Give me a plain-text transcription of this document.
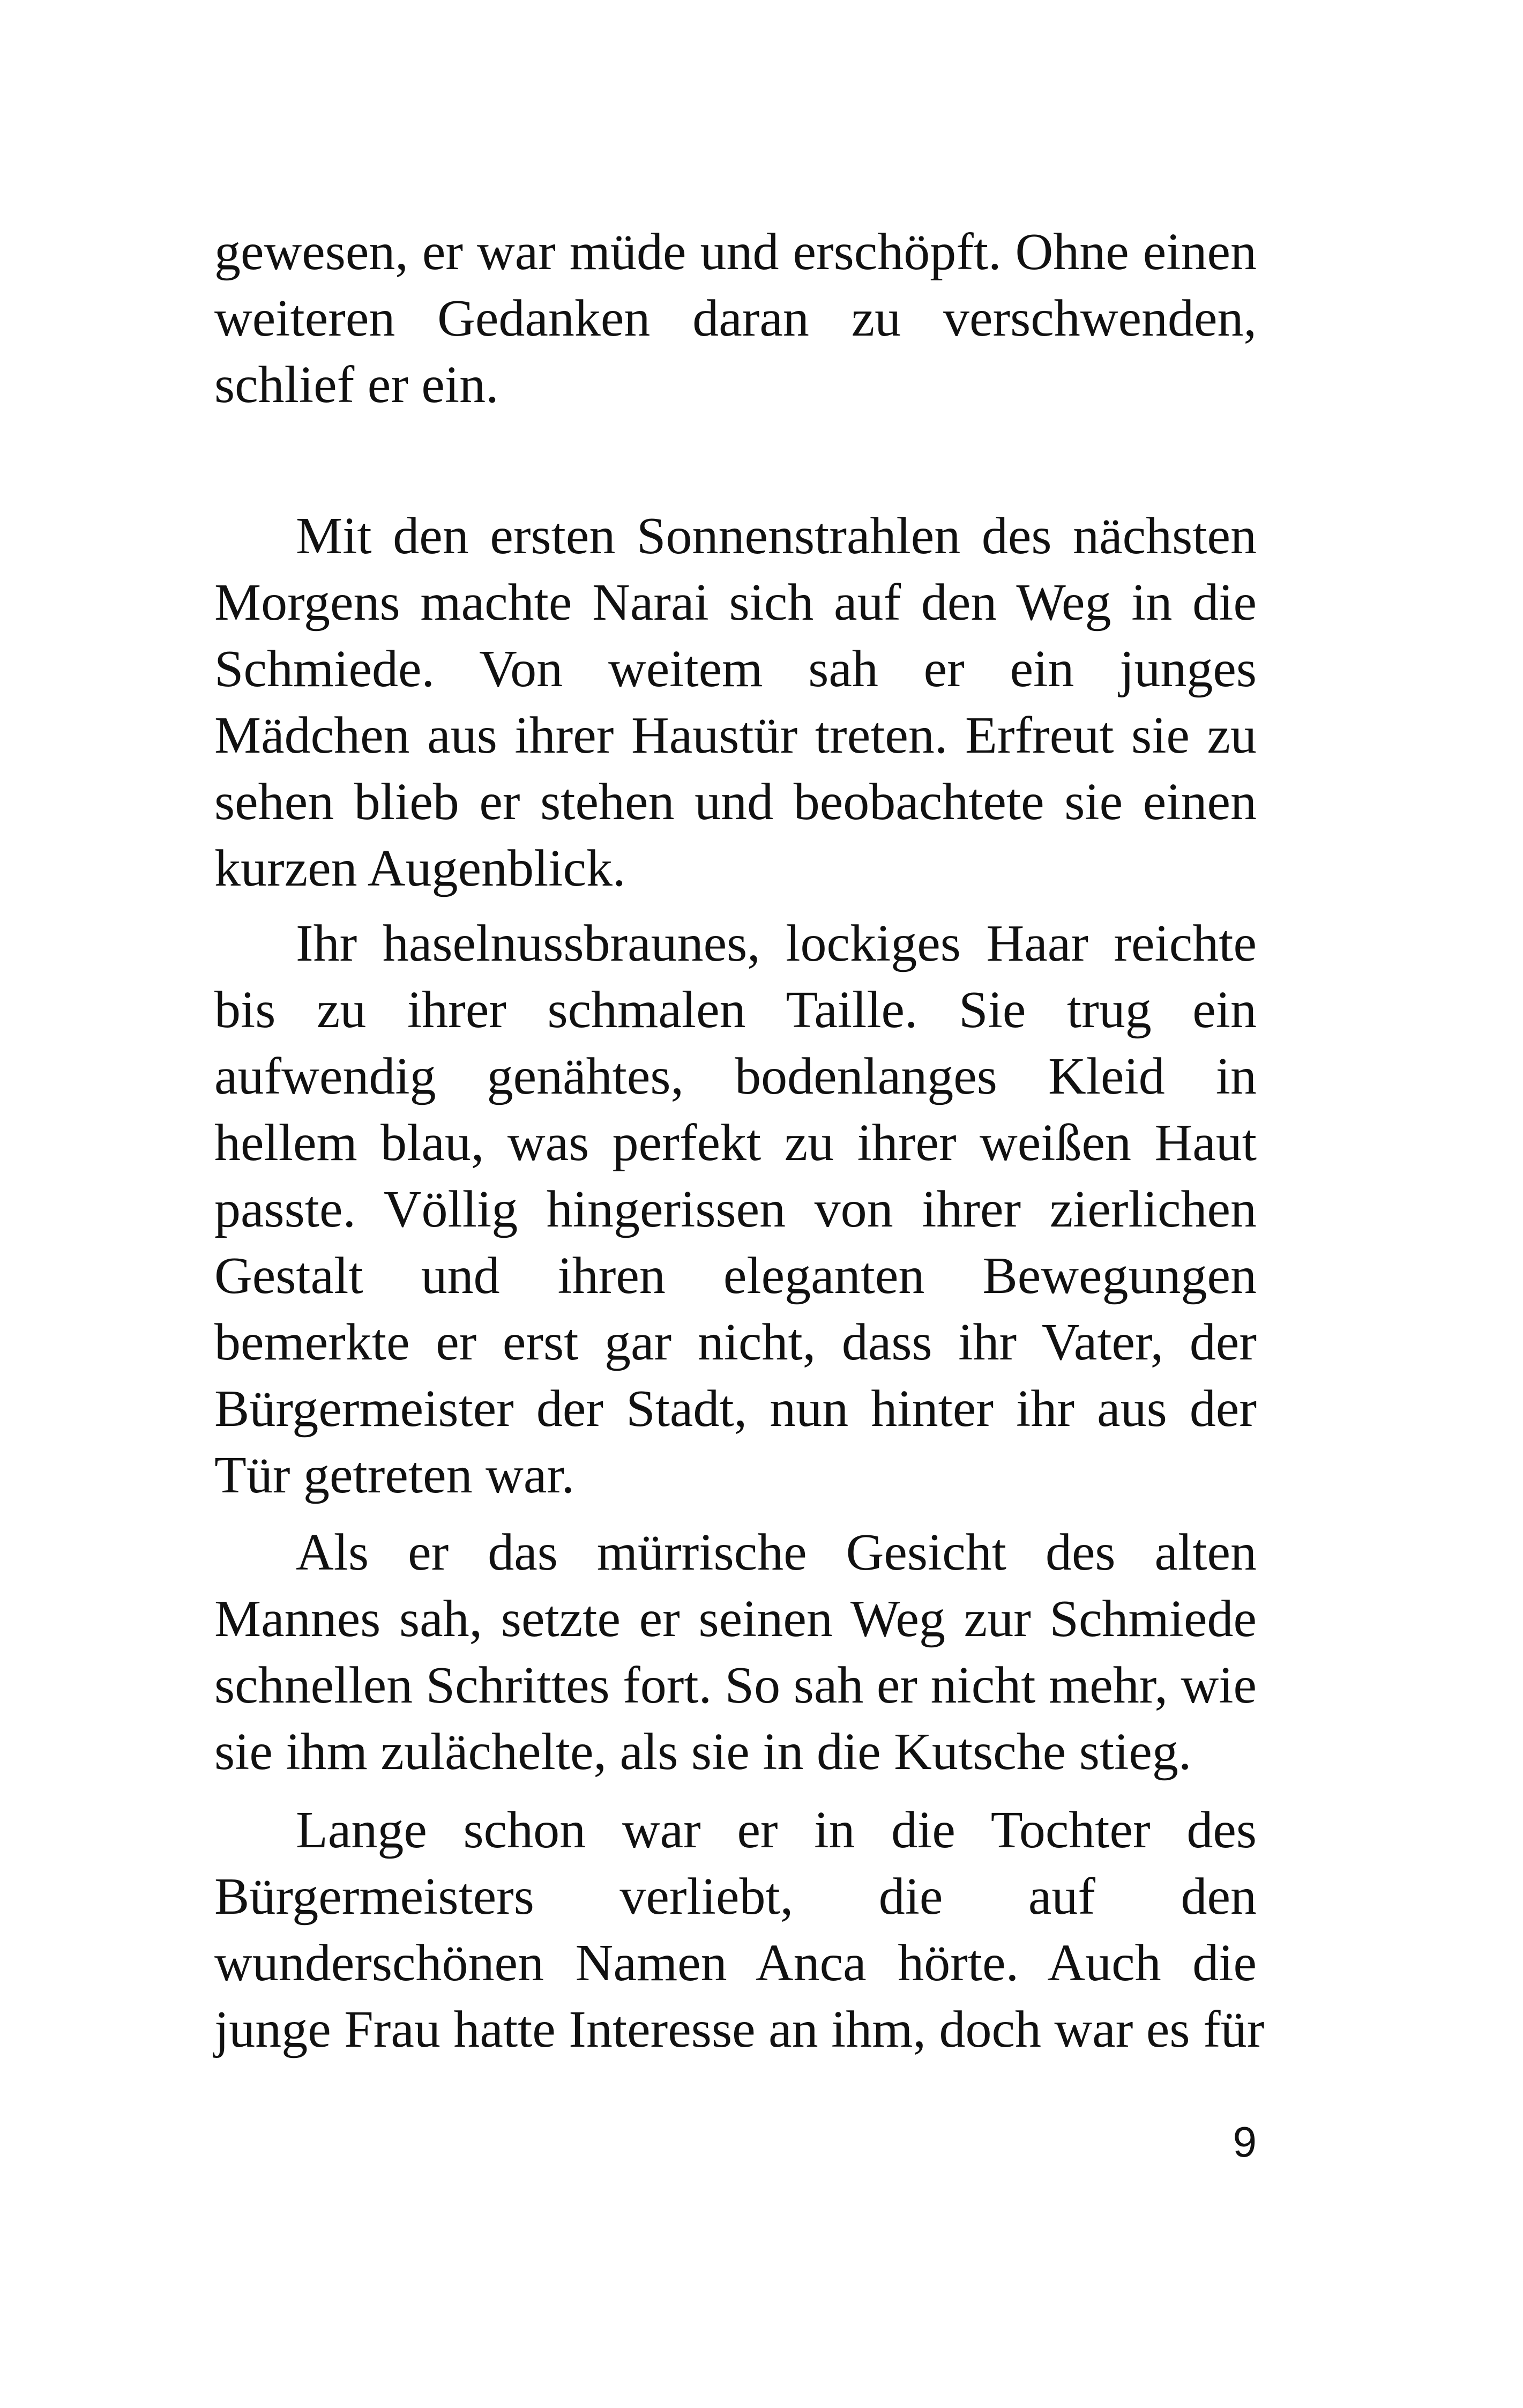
gewesen, er war müde und erschöpft. Ohne einen
weiteren Gedanken daran zu verschwenden,
schlief er ein.
Mit den ersten Sonnenstrahlen des nächsten
Morgens machte Narai sich auf den Weg in die
Schmiede. Von weitem sah er ein junges
Mädchen aus ihrer Haustür treten. Erfreut sie zu
sehen blieb er stehen und beobachtete sie einen
kurzen Augenblick.
Ihr haselnussbraunes, lockiges Haar reichte
bis zu ihrer schmalen Taille. Sie trug ein
aufwendig genähtes, bodenlanges Kleid in
hellem blau, was perfekt zu ihrer weißen Haut
passte. Völlig hingerissen von ihrer zierlichen
Gestalt und ihren eleganten Bewegungen
bemerkte er erst gar nicht, dass ihr Vater, der
Bürgermeister der Stadt, nun hinter ihr aus der
Tür getreten war.
Als er das mürrische Gesicht des alten
Mannes sah, setzte er seinen Weg zur Schmiede
schnellen Schrittes fort. So sah er nicht mehr, wie
sie ihm zulächelte, als sie in die Kutsche stieg.
Lange schon war er in die Tochter des
Bürgermeisters verliebt, die auf den
wunderschönen Namen Anca hörte. Auch die
junge Frau hatte Interesse an ihm, doch war es für
9
